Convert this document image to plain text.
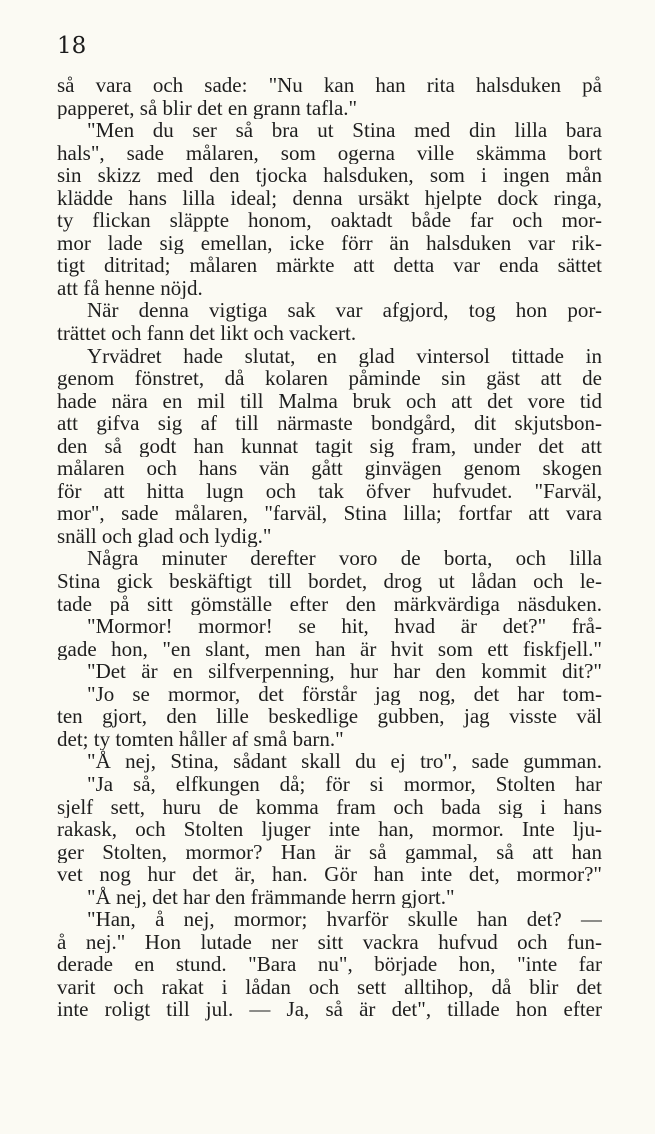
18
så vara och sade: "Nu kan han rita halsduken på
papperet, så blir det en grann tafla."
"Men du ser så bra ut Stina med din lilla bara
hals", sade målaren, som ogerna ville skämma bort
sin skizz med den tjocka halsduken, som i ingen mån
klädde hans lilla ideal; denna ursäkt hjelpte dock ringa,
ty flickan släppte honom, oaktadt både far och mor-
mor lade sig emellan, icke förr än halsduken var rik-
tigt ditritad; målaren märkte att detta var enda sättet
att få henne nöjd.
När denna vigtiga sak var afgjord, tog hon por-
trättet och fann det likt och vackert.
Yrvädret hade slutat, en glad vintersol tittade in
genom fönstret, då kolaren påminde sin gäst att de
hade nära en mil till Malma bruk och att det vore tid
att gifva sig af till närmaste bondgård, dit skjutsbon-
den så godt han kunnat tagit sig fram, under det att
målaren och hans vän gått ginvägen genom skogen
för att hitta lugn och tak öfver hufvudet. "Farväl,
mor", sade målaren, "farväl, Stina lilla; fortfar att vara
snäll och glad och lydig."
Några minuter derefter voro de borta, och lilla
Stina gick beskäftigt till bordet, drog ut lådan och le-
tade på sitt gömställe efter den märkvärdiga näsduken.
"Mormor! mormor! se hit, hvad är det?" frå-
gade hon, "en slant, men han är hvit som ett fiskfjell."
"Det är en silfverpenning, hur har den kommit dit?"
"Jo se mormor, det förstår jag nog, det har tom-
ten gjort, den lille beskedlige gubben, jag visste väl
det; ty tomten håller af små barn."
"Å nej, Stina, sådant skall du ej tro", sade gumman.
"Ja så, elfkungen då; för si mormor, Stolten har
sjelf sett, huru de komma fram och bada sig i hans
rakask, och Stolten ljuger inte han, mormor. Inte lju-
ger Stolten, mormor? Han är så gammal, så att han
vet nog hur det är, han. Gör han inte det, mormor?"
"Å nej, det har den främmande herrn gjort."
"Han, å nej, mormor; hvarför skulle han det? —
å nej." Hon lutade ner sitt vackra hufvud och fun-
derade en stund. "Bara nu", började hon, "inte far
varit och rakat i lådan och sett alltihop, då blir det
inte roligt till jul. — Ja, så är det", tillade hon efter
